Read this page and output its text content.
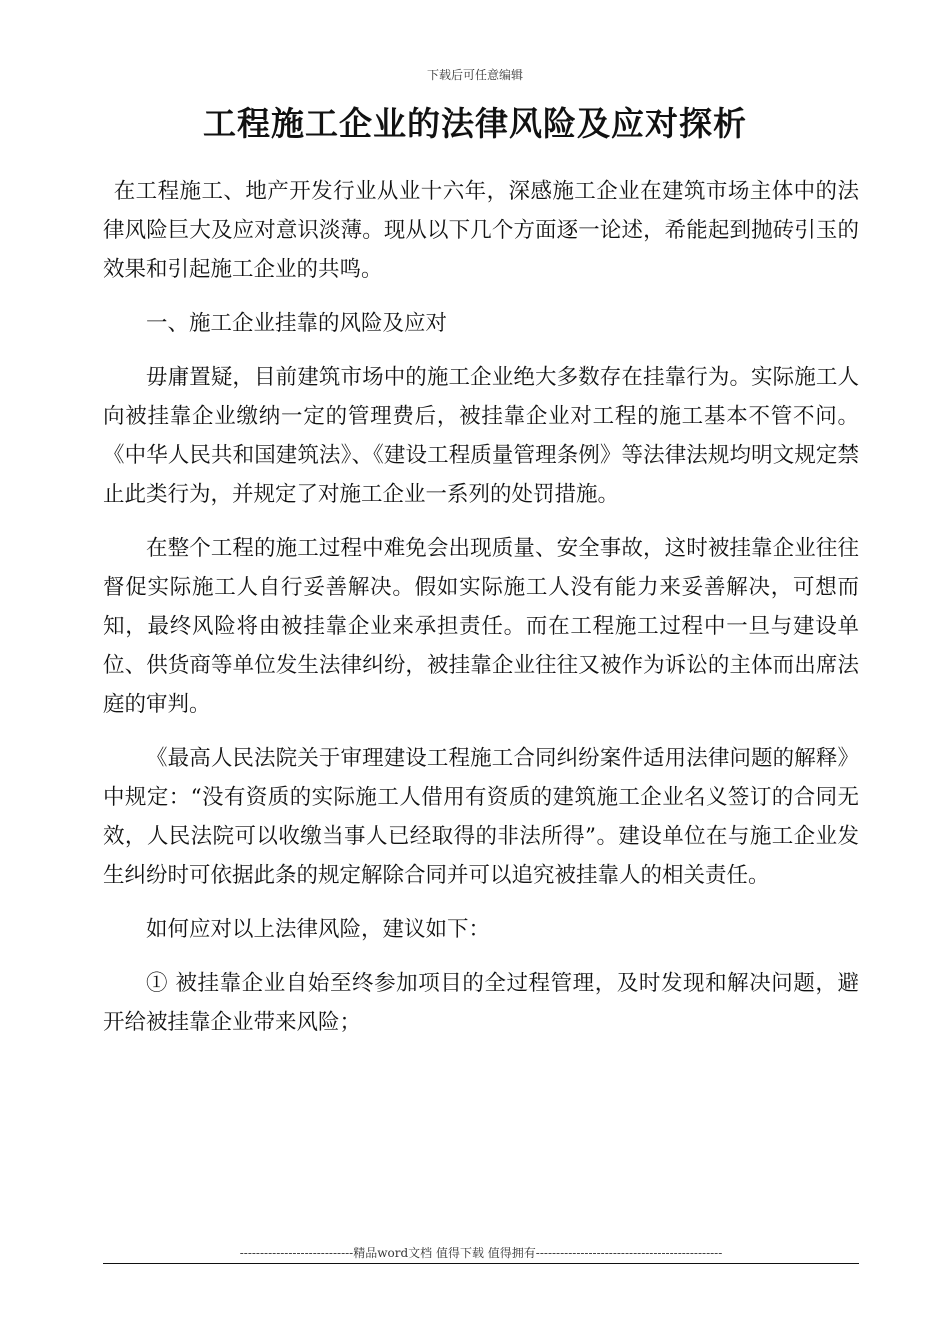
下载后可任意编辑
工程施工企业的法律风险及应对探析

在工程施工、地产开发行业从业十六年，深感施工企业在建筑市场主体中的法律风险巨大及应对意识淡薄。现从以下几个方面逐一论述，希能起到抛砖引玉的效果和引起施工企业的共鸣。

一、施工企业挂靠的风险及应对

毋庸置疑，目前建筑市场中的施工企业绝大多数存在挂靠行为。实际施工人向被挂靠企业缴纳一定的管理费后，被挂靠企业对工程的施工基本不管不问。《中华人民共和国建筑法》、《建设工程质量管理条例》等法律法规均明文规定禁止此类行为，并规定了对施工企业一系列的处罚措施。

在整个工程的施工过程中难免会出现质量、安全事故，这时被挂靠企业往往督促实际施工人自行妥善解决。假如实际施工人没有能力来妥善解决，可想而知，最终风险将由被挂靠企业来承担责任。而在工程施工过程中一旦与建设单位、供货商等单位发生法律纠纷，被挂靠企业往往又被作为诉讼的主体而出席法庭的审判。

《最高人民法院关于审理建设工程施工合同纠纷案件适用法律问题的解释》中规定：“没有资质的实际施工人借用有资质的建筑施工企业名义签订的合同无效，人民法院可以收缴当事人已经取得的非法所得”。建设单位在与施工企业发生纠纷时可依据此条的规定解除合同并可以追究被挂靠人的相关责任。

如何应对以上法律风险，建议如下：

① 被挂靠企业自始至终参加项目的全过程管理，及时发现和解决问题，避开给被挂靠企业带来风险；

----------------------------精品word文档 值得下载 值得拥有----------------------------------------------
